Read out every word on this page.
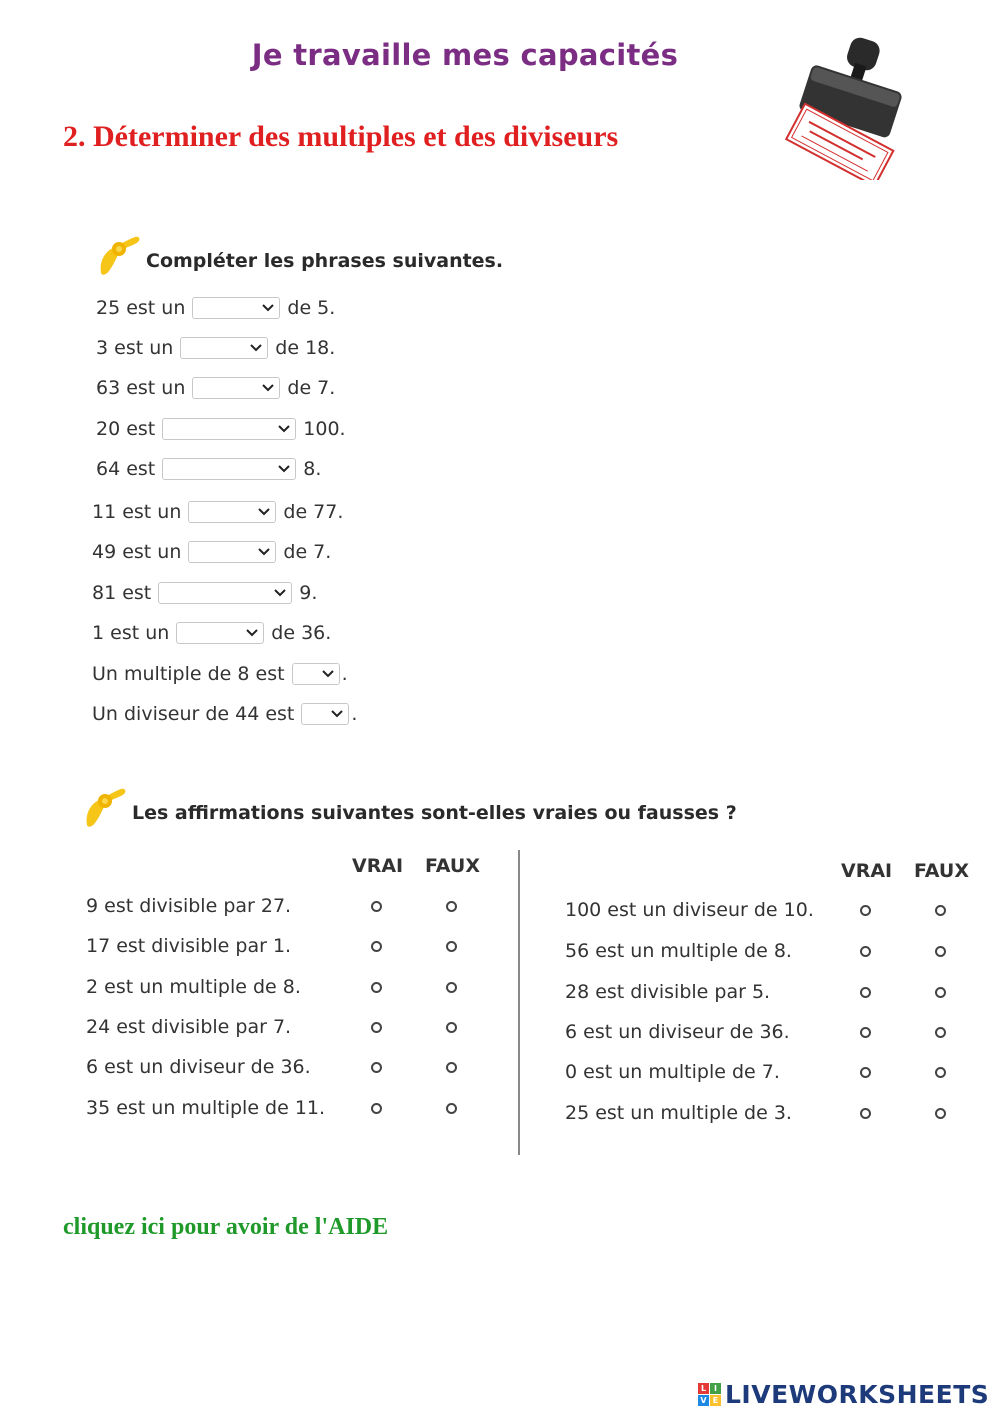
Je travaille mes capacités
2. Déterminer des multiples et des diviseurs
Compléter les phrases suivantes.
25 est un	de 5.
3 est un	de 18.
63 est un	de 7.
20 est	100.
64 est	8.
11 est un	de 77.
49 est un	de 7.
81 est	9.
1 est un	de 36.
Un multiple de 8 est	.
Un diviseur de 44 est	.
Les affirmations suivantes sont-elles vraies ou fausses ?
VRAI FAUX	VRAI FAUX
9 est divisible par 27.
17 est divisible par 1.
2 est un multiple de 8.
24 est divisible par 7.
6 est un diviseur de 36.
35 est un multiple de 11.
100 est un diviseur de 10.
56 est un multiple de 8.
28 est divisible par 5.
6 est un diviseur de 36.
0 est un multiple de 7.
25 est un multiple de 3.
cliquez ici pour avoir de l'AIDE
L I
V E LIVEWORKSHEETS
